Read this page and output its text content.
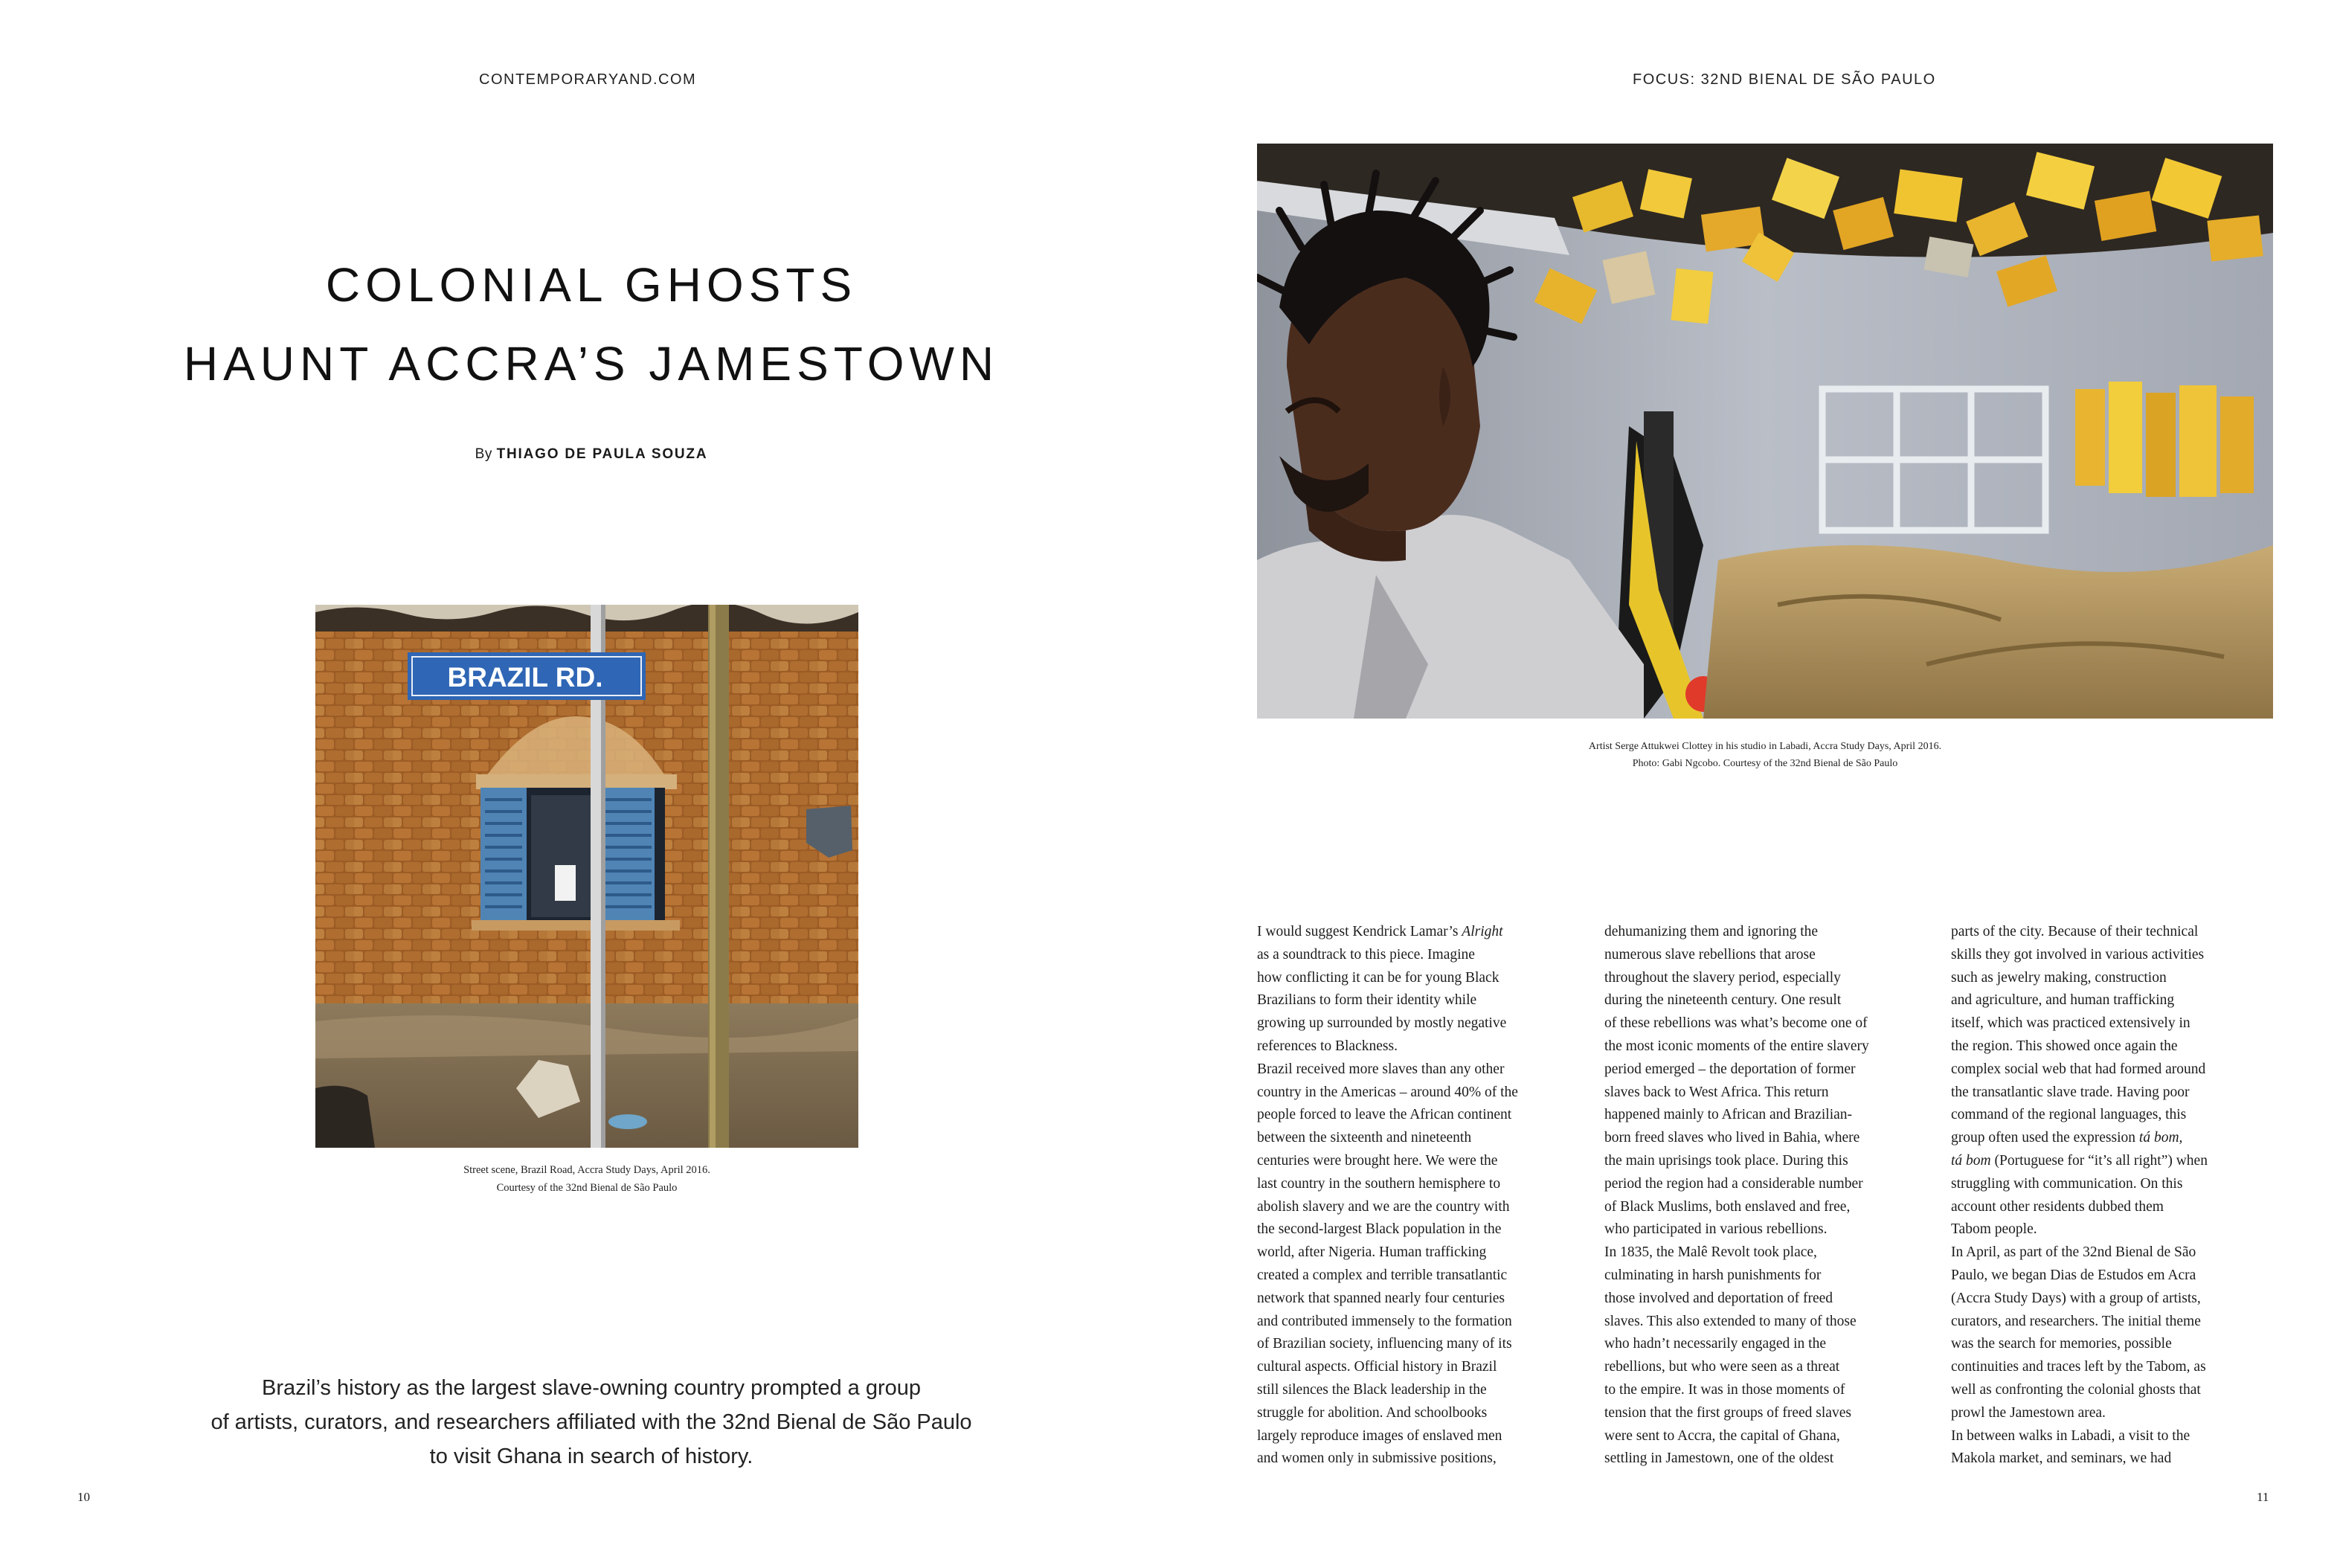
CONTEMPORARYAND.COM	FOCUS: 32ND BIENAL DE SÃO PAULO
COLONIAL GHOSTS
HAUNT ACCRA’S JAMESTOWN
By THIAGO DE PAULA SOUZA
BRAZIL RD.
Street scene, Brazil Road, Accra Study Days, April 2016.
Courtesy of the 32nd Bienal de São Paulo
Brazil’s history as the largest slave-owning country prompted a group
of artists, curators, and researchers affiliated with the 32nd Bienal de São Paulo
to visit Ghana in search of history.
Artist Serge Attukwei Clottey in his studio in Labadi, Accra Study Days, April 2016.
Photo: Gabi Ngcobo. Courtesy of the 32nd Bienal de São Paulo

I would suggest Kendrick Lamar’s Alright

as a soundtrack to this piece. Imagine

how conflicting it can be for young Black

Brazilians to form their identity while

growing up surrounded by mostly negative

references to Blackness.

Brazil received more slaves than any other

country in the Americas – around 40% of the

people forced to leave the African continent

between the sixteenth and nineteenth

centuries were brought here. We were the

last country in the southern hemisphere to

abolish slavery and we are the country with

the second-largest Black population in the

world, after Nigeria. Human trafficking

created a complex and terrible transatlantic

network that spanned nearly four centuries

and contributed immensely to the formation

of Brazilian society, influencing many of its

cultural aspects. Official history in Brazil

still silences the Black leadership in the

struggle for abolition. And schoolbooks

largely reproduce images of enslaved men

and women only in submissive positions,

dehumanizing them and ignoring the

numerous slave rebellions that arose

throughout the slavery period, especially

during the nineteenth century. One result

of these rebellions was what’s become one of

the most iconic moments of the entire slavery

period emerged – the deportation of former

slaves back to West Africa. This return

happened mainly to African and Brazilian-

born freed slaves who lived in Bahia, where

the main uprisings took place. During this

period the region had a considerable number

of Black Muslims, both enslaved and free,

who participated in various rebellions.

In 1835, the Malê Revolt took place,

culminating in harsh punishments for

those involved and deportation of freed

slaves. This also extended to many of those

who hadn’t necessarily engaged in the

rebellions, but who were seen as a threat

to the empire. It was in those moments of

tension that the first groups of freed slaves

were sent to Accra, the capital of Ghana,

settling in Jamestown, one of the oldest

parts of the city. Because of their technical

skills they got involved in various activities

such as jewelry making, construction

and agriculture, and human trafficking

itself, which was practiced extensively in

the region. This showed once again the

complex social web that had formed around

the transatlantic slave trade. Having poor

command of the regional languages, this

group often used the expression tá bom,

tá bom (Portuguese for “it’s all right”) when

struggling with communication. On this

account other residents dubbed them

Tabom people.

In April, as part of the 32nd Bienal de São

Paulo, we began Dias de Estudos em Acra

(Accra Study Days) with a group of artists,

curators, and researchers. The initial theme

was the search for memories, possible

continuities and traces left by the Tabom, as

well as confronting the colonial ghosts that

prowl the Jamestown area.

In between walks in Labadi, a visit to the

Makola market, and seminars, we had

10	11
